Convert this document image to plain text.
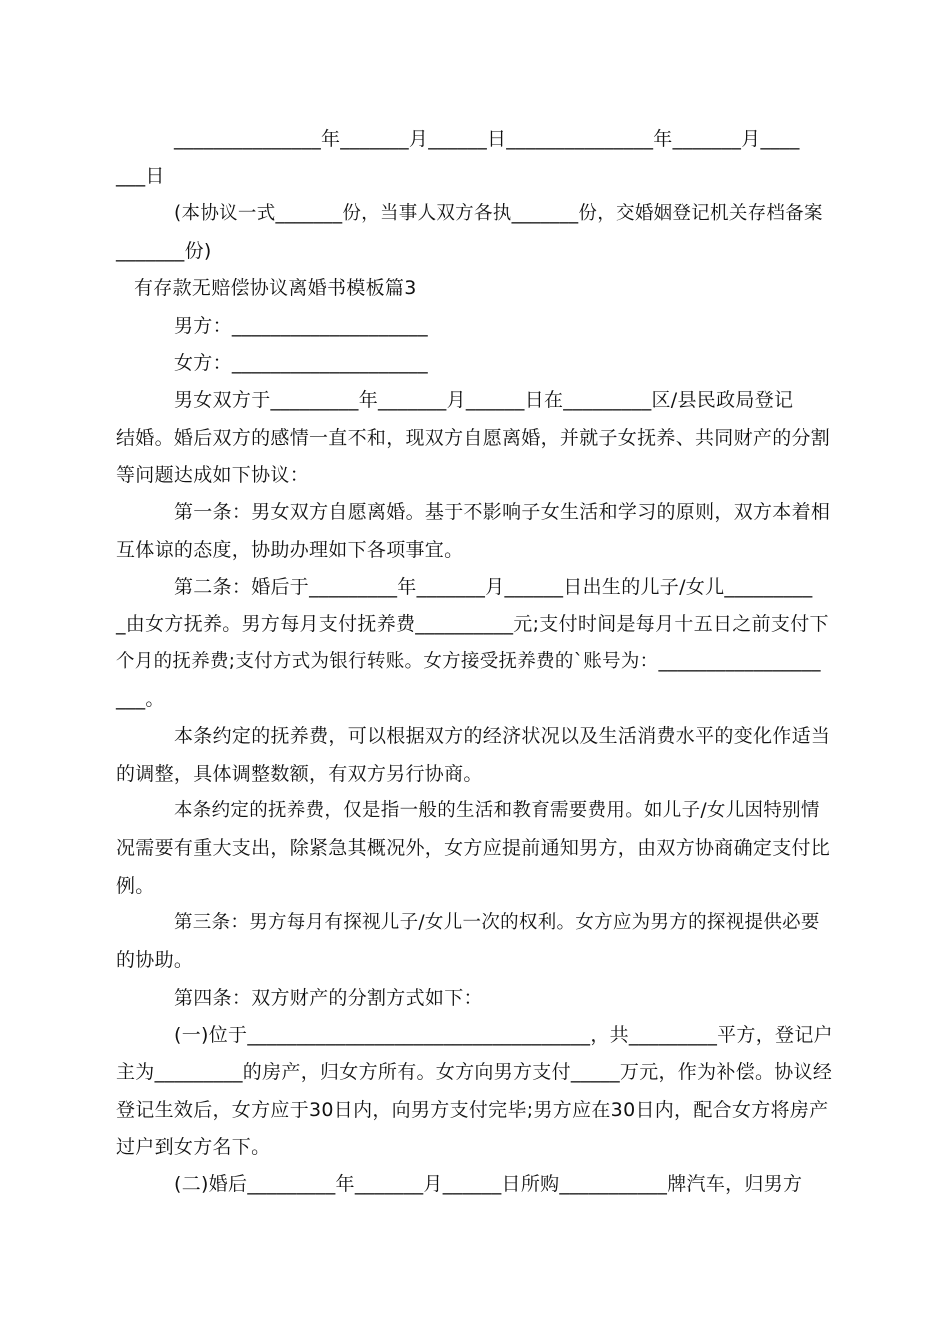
_______________年_______月______日_______________年_______月____
___日
(本协议一式_______份，当事人双方各执_______份，交婚姻登记机关存档备案
_______份)
有存款无赔偿协议离婚书模板篇3
男方：____________________
女方：____________________
男女双方于_________年_______月______日在_________区/县民政局登记
结婚。婚后双方的感情一直不和，现双方自愿离婚，并就子女抚养、共同财产的分割
等问题达成如下协议：
第一条：男女双方自愿离婚。基于不影响子女生活和学习的原则，双方本着相
互体谅的态度，协助办理如下各项事宜。
第二条：婚后于_________年_______月______日出生的儿子/女儿_________
_由女方抚养。男方每月支付抚养费__________元;支付时间是每月十五日之前支付下
个月的抚养费;支付方式为银行转账。女方接受抚养费的`账号为：_________________
___。
本条约定的抚养费，可以根据双方的经济状况以及生活消费水平的变化作适当
的调整，具体调整数额，有双方另行协商。
本条约定的抚养费，仅是指一般的生活和教育需要费用。如儿子/女儿因特别情
况需要有重大支出，除紧急其概况外，女方应提前通知男方，由双方协商确定支付比
例。
第三条：男方每月有探视儿子/女儿一次的权利。女方应为男方的探视提供必要
的协助。
第四条：双方财产的分割方式如下：
(一)位于___________________________________，共_________平方，登记户
主为_________的房产，归女方所有。女方向男方支付_____万元，作为补偿。协议经
登记生效后，女方应于30日内，向男方支付完毕;男方应在30日内，配合女方将房产
过户到女方名下。
(二)婚后_________年_______月______日所购___________牌汽车，归男方
